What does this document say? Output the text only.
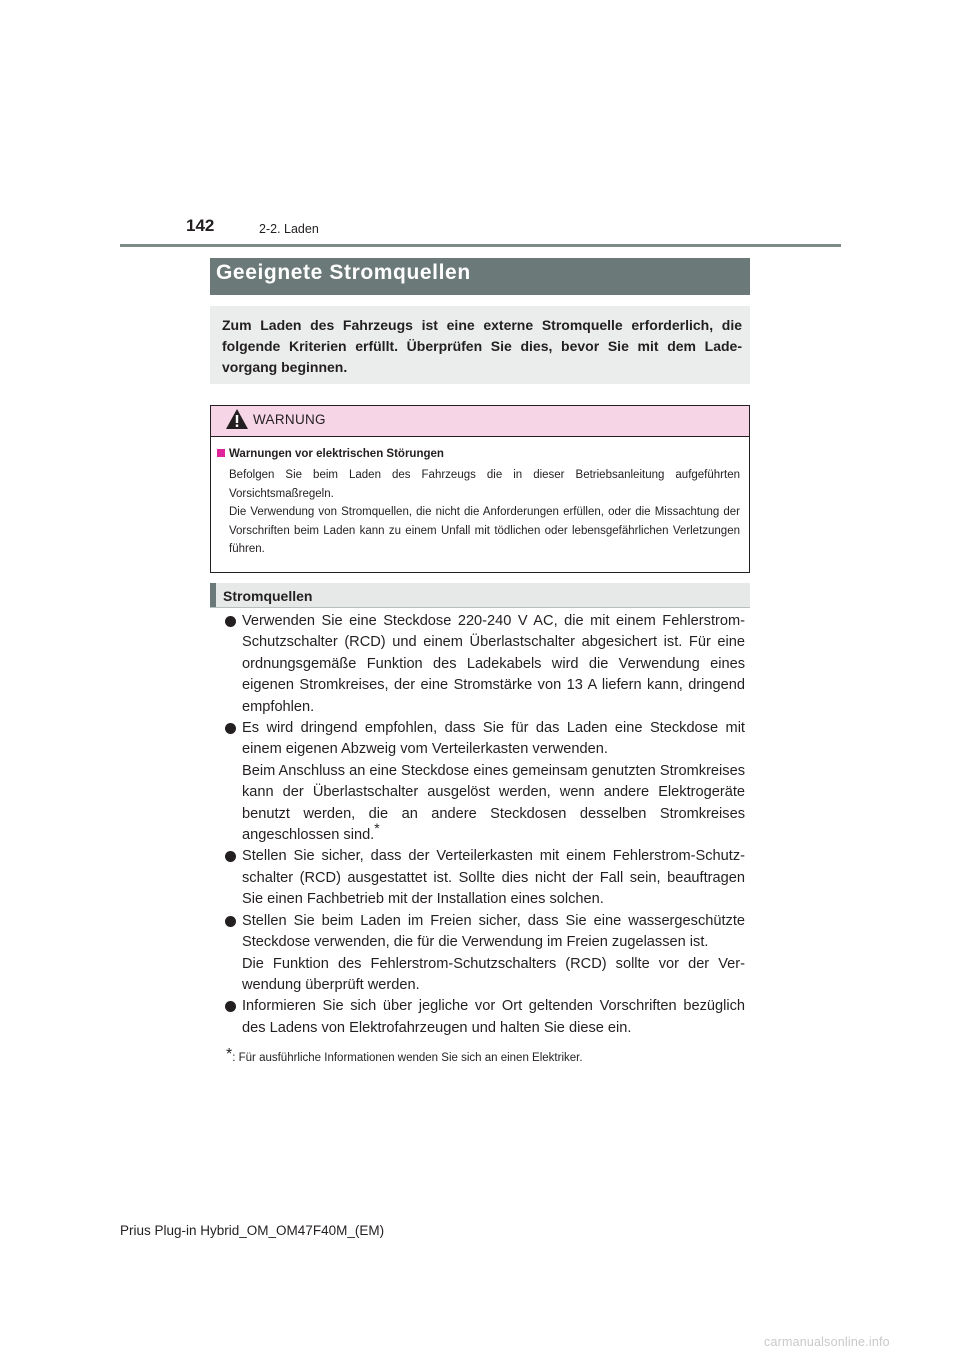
142	2-2. Laden
Geeignete Stromquellen
Zum Laden des Fahrzeugs ist eine externe Stromquelle erforderlich, die folgende Kriterien erfüllt. Überprüfen Sie dies, bevor Sie mit dem Ladevorgang beginnen.
WARNUNG
Warnungen vor elektrischen Störungen

Befolgen Sie beim Laden des Fahrzeugs die in dieser Betriebsanleitung aufgeführten Vorsichtsmaßregeln.

Die Verwendung von Stromquellen, die nicht die Anforderungen erfüllen, oder die Missachtung der Vorschriften beim Laden kann zu einem Unfall mit tödlichen oder lebensgefährlichen Verletzungen führen.

Stromquellen

Verwenden Sie eine Steckdose 220-240 V AC, die mit einem Fehlerstrom-Schutzschalter (RCD) und einem Überlastschalter abgesichert ist. Für eine ordnungsgemäße Funktion des Ladekabels wird die Verwendung eines eigenen Stromkreises, der eine Stromstärke von 13 A liefern kann, dringend empfohlen.

Es wird dringend empfohlen, dass Sie für das Laden eine Steckdose mit einem eigenen Abzweig vom Verteilerkasten verwenden.

Beim Anschluss an eine Steckdose eines gemeinsam genutzten Stromkreises kann der Überlastschalter ausgelöst werden, wenn andere Elektrogeräte benutzt werden, die an andere Steckdosen desselben Stromkreises angeschlossen sind.*

Stellen Sie sicher, dass der Verteilerkasten mit einem Fehlerstrom-Schutzschalter (RCD) ausgestattet ist. Sollte dies nicht der Fall sein, beauftragen Sie einen Fachbetrieb mit der Installation eines solchen.

Stellen Sie beim Laden im Freien sicher, dass Sie eine wassergeschützte Steckdose verwenden, die für die Verwendung im Freien zugelassen ist.

Die Funktion des Fehlerstrom-Schutzschalters (RCD) sollte vor der Verwendung überprüft werden.

Informieren Sie sich über jegliche vor Ort geltenden Vorschriften bezüglich des Ladens von Elektrofahrzeugen und halten Sie diese ein.

*: Für ausführliche Informationen wenden Sie sich an einen Elektriker.
Prius Plug-in Hybrid_OM_OM47F40M_(EM)
carmanualsonline.info
